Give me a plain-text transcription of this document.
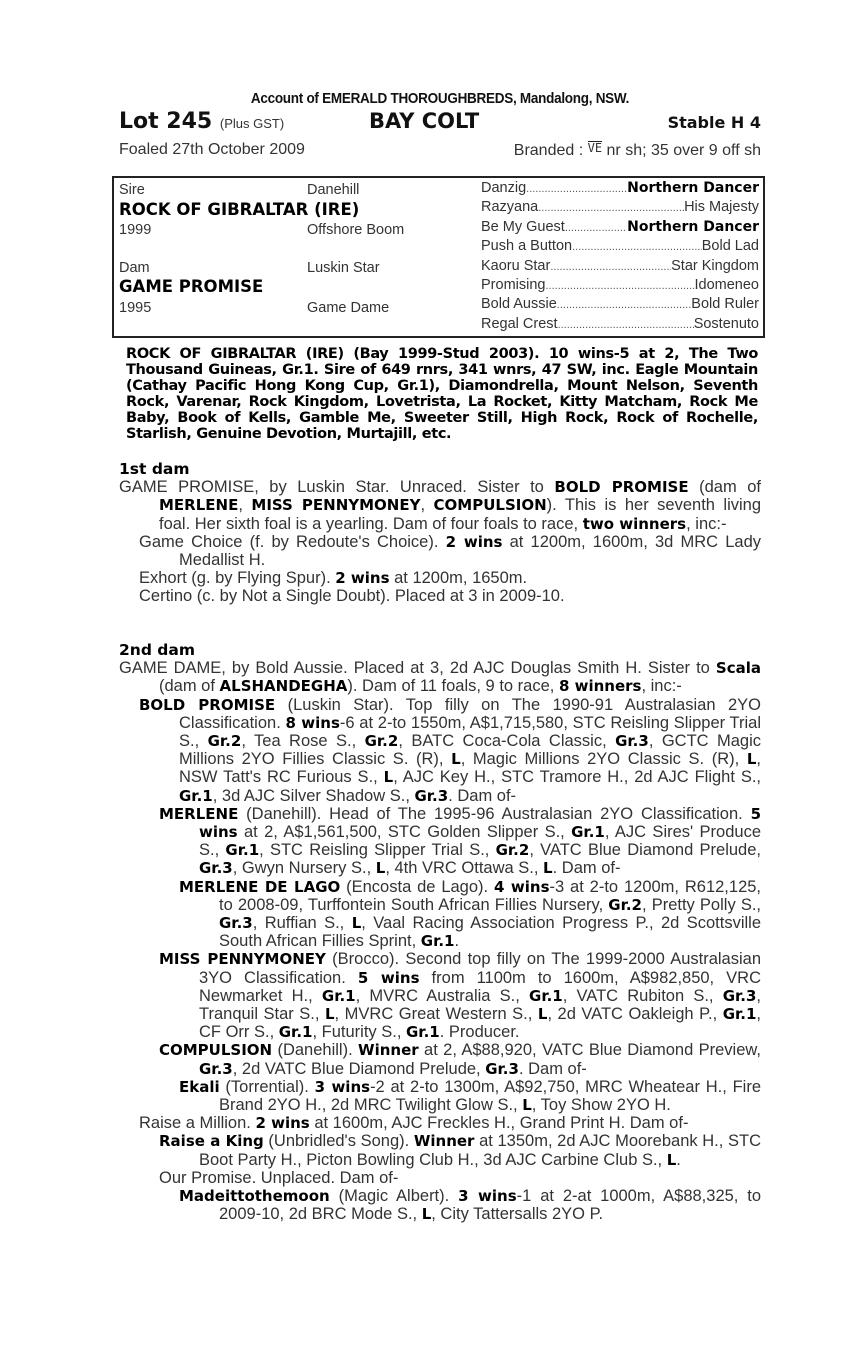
Account of EMERALD THOROUGHBREDS, Mandalong, NSW.
Lot 245 (Plus GST)	BAY COLT	Stable H 4
Foaled 27th October 2009	Branded : VE nr sh; 35 over 9 off sh
Sire	Danehill
ROCK OF GIBRALTAR (IRE)
1999	Offshore Boom
Dam	Luskin Star
GAME PROMISE
1995	Game Dame
Danzig .....	Northern Dancer
Razyana .....	His Majesty
Be My Guest .....	Northern Dancer
Push a Button .....	Bold Lad
Kaoru Star .....	Star Kingdom
Promising .....	Idomeneo
Bold Aussie .....	Bold Ruler
Regal Crest .....	Sostenuto
ROCK OF GIBRALTAR (IRE) (Bay 1999-Stud 2003). 10 wins-5 at 2, The Two Thousand Guineas, Gr.1. Sire of 649 rnrs, 341 wnrs, 47 SW, inc. Eagle Mountain (Cathay Pacific Hong Kong Cup, Gr.1), Diamondrella, Mount Nelson, Seventh Rock, Varenar, Rock Kingdom, Lovetrista, La Rocket, Kitty Matcham, Rock Me Baby, Book of Kells, Gamble Me, Sweeter Still, High Rock, Rock of Rochelle, Starlish, Genuine Devotion, Murtajill, etc.
1st dam
GAME PROMISE, by Luskin Star. Unraced. Sister to BOLD PROMISE (dam of MERLENE, MISS PENNYMONEY, COMPULSION). This is her seventh living foal. Her sixth foal is a yearling. Dam of four foals to race, two winners, inc:-
Game Choice (f. by Redoute's Choice). 2 wins at 1200m, 1600m, 3d MRC Lady Medallist H.
Exhort (g. by Flying Spur). 2 wins at 1200m, 1650m.
Certino (c. by Not a Single Doubt). Placed at 3 in 2009-10.
2nd dam
GAME DAME, by Bold Aussie. Placed at 3, 2d AJC Douglas Smith H. Sister to Scala (dam of ALSHANDEGHA). Dam of 11 foals, 9 to race, 8 winners, inc:-
BOLD PROMISE (Luskin Star). Top filly on The 1990-91 Australasian 2YO Classification. 8 wins-6 at 2-to 1550m, A$1,715,580, STC Reisling Slipper Trial S., Gr.2, Tea Rose S., Gr.2, BATC Coca-Cola Classic, Gr.3, GCTC Magic Millions 2YO Fillies Classic S. (R), L, Magic Millions 2YO Classic S. (R), L, NSW Tatt's RC Furious S., L, AJC Key H., STC Tramore H., 2d AJC Flight S., Gr.1, 3d AJC Silver Shadow S., Gr.3. Dam of-
MERLENE (Danehill). Head of The 1995-96 Australasian 2YO Classification. 5 wins at 2, A$1,561,500, STC Golden Slipper S., Gr.1, AJC Sires' Produce S., Gr.1, STC Reisling Slipper Trial S., Gr.2, VATC Blue Diamond Prelude, Gr.3, Gwyn Nursery S., L, 4th VRC Ottawa S., L. Dam of-
MERLENE DE LAGO (Encosta de Lago). 4 wins-3 at 2-to 1200m, R612,125, to 2008-09, Turffontein South African Fillies Nursery, Gr.2, Pretty Polly S., Gr.3, Ruffian S., L, Vaal Racing Association Progress P., 2d Scottsville South African Fillies Sprint, Gr.1.
MISS PENNYMONEY (Brocco). Second top filly on The 1999-2000 Australasian 3YO Classification. 5 wins from 1100m to 1600m, A$982,850, VRC Newmarket H., Gr.1, MVRC Australia S., Gr.1, VATC Rubiton S., Gr.3, Tranquil Star S., L, MVRC Great Western S., L, 2d VATC Oakleigh P., Gr.1, CF Orr S., Gr.1, Futurity S., Gr.1. Producer.
COMPULSION (Danehill). Winner at 2, A$88,920, VATC Blue Diamond Preview, Gr.3, 2d VATC Blue Diamond Prelude, Gr.3. Dam of-
Ekali (Torrential). 3 wins-2 at 2-to 1300m, A$92,750, MRC Wheatear H., Fire Brand 2YO H., 2d MRC Twilight Glow S., L, Toy Show 2YO H.
Raise a Million. 2 wins at 1600m, AJC Freckles H., Grand Print H. Dam of-
Raise a King (Unbridled's Song). Winner at 1350m, 2d AJC Moorebank H., STC Boot Party H., Picton Bowling Club H., 3d AJC Carbine Club S., L.
Our Promise. Unplaced. Dam of-
Madeittothemoon (Magic Albert). 3 wins-1 at 2-at 1000m, A$88,325, to 2009-10, 2d BRC Mode S., L, City Tattersalls 2YO P.
